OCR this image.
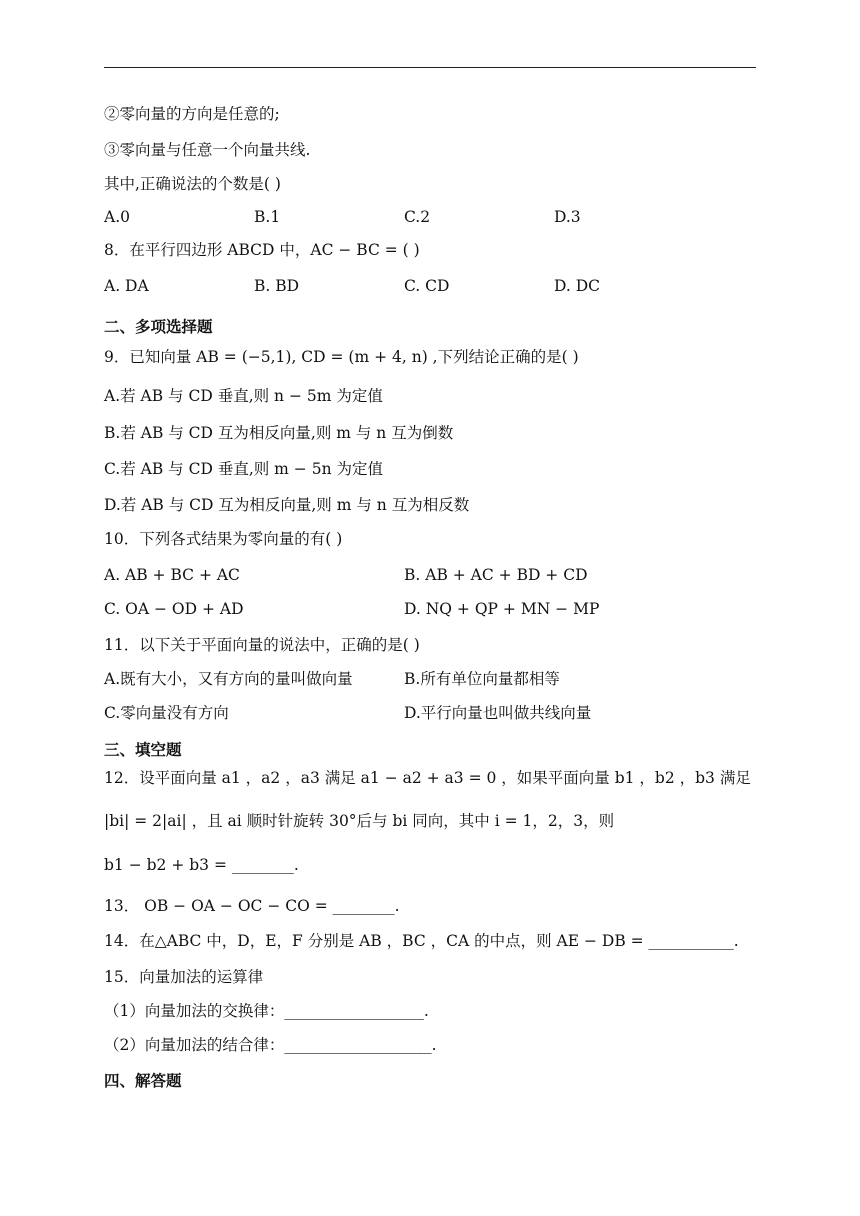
②零向量的方向是任意的;
③零向量与任意一个向量共线.
其中,正确说法的个数是( )
A.0	B.1	C.2	D.3
8．在平行四边形 ABCD 中，AC − BC = ( )
A. DA	B. BD	C. CD	D. DC
二、多项选择题
9．已知向量 AB = (−5,1), CD = (m + 4, n) ,下列结论正确的是( )
A.若 AB 与 CD 垂直,则 n − 5m 为定值
B.若 AB 与 CD 互为相反向量,则 m 与 n 互为倒数
C.若 AB 与 CD 垂直,则 m − 5n 为定值
D.若 AB 与 CD 互为相反向量,则 m 与 n 互为相反数
10．下列各式结果为零向量的有( )
A. AB + BC + AC	B. AB + AC + BD + CD
C. OA − OD + AD	D. NQ + QP + MN − MP
11．以下关于平面向量的说法中，正确的是( )
A.既有大小，又有方向的量叫做向量	B.所有单位向量都相等
C.零向量没有方向	D.平行向量也叫做共线向量
三、填空题
12．设平面向量 a1 ，a2 ，a3 满足 a1 − a2 + a3 = 0 ，如果平面向量 b1 ，b2 ，b3 满足
|bi| = 2|ai| ，且 ai 顺时针旋转 30°后与 bi 同向，其中 i = 1，2，3，则
b1 − b2 + b3 = ________.
13． OB − OA − OC − CO = ________.
14．在△ABC 中，D，E，F 分别是 AB ，BC ，CA 的中点，则 AE − DB = ___________.
15．向量加法的运算律
（1）向量加法的交换律：__________________.
（2）向量加法的结合律：___________________.
四、解答题
